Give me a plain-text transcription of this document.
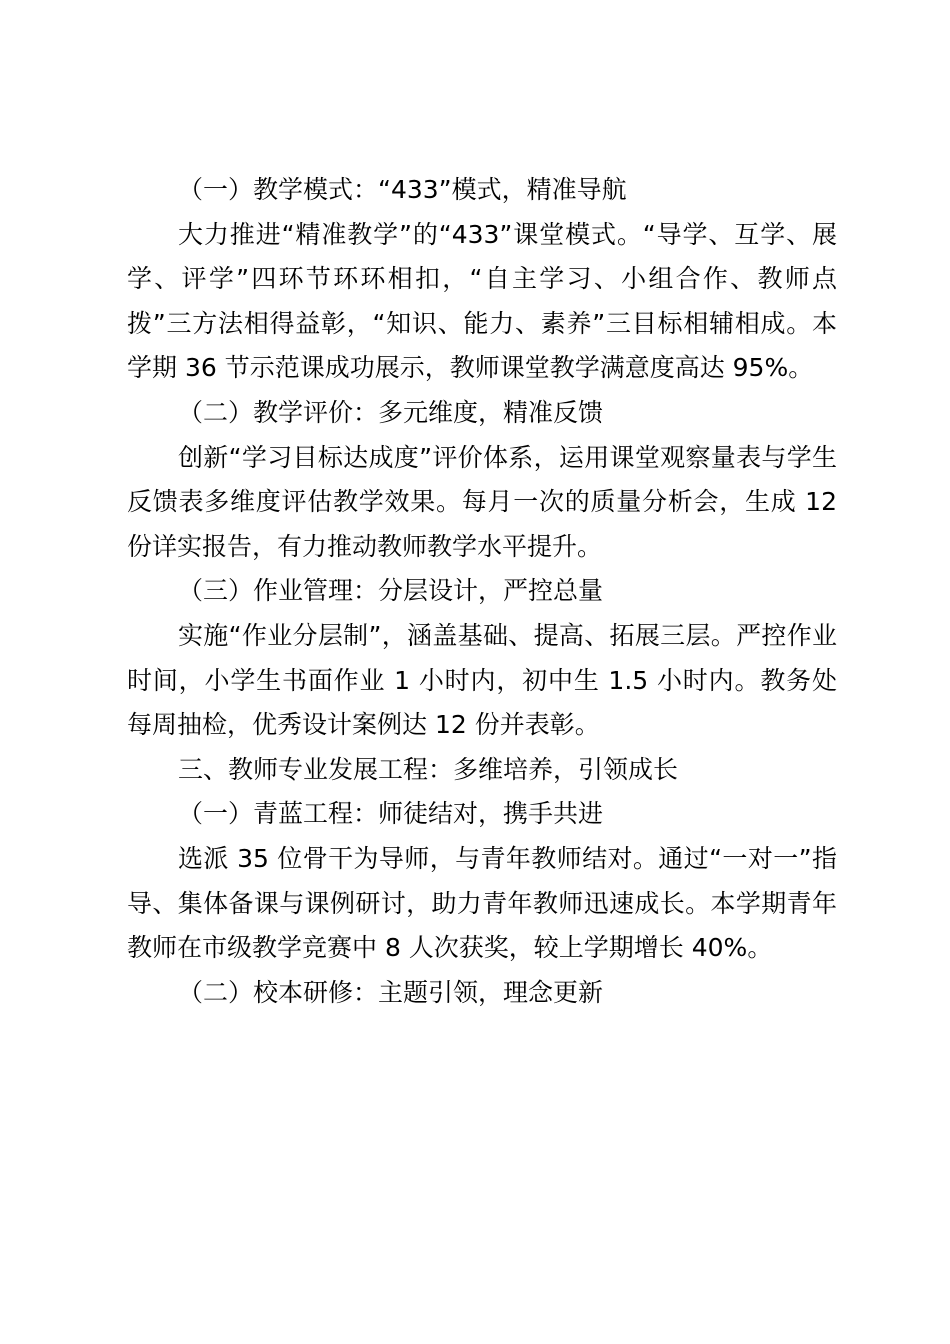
（一）教学模式：“433”模式，精准导航

大力推进“精准教学”的“433”课堂模式。“导学、互学、展学、评学”四环节环环相扣，“自主学习、小组合作、教师点拨”三方法相得益彰，“知识、能力、素养”三目标相辅相成。本学期 36 节示范课成功展示，教师课堂教学满意度高达 95%。

（二）教学评价：多元维度，精准反馈

创新“学习目标达成度”评价体系，运用课堂观察量表与学生反馈表多维度评估教学效果。每月一次的质量分析会，生成 12 份详实报告，有力推动教师教学水平提升。

（三）作业管理：分层设计，严控总量

实施“作业分层制”，涵盖基础、提高、拓展三层。严控作业时间，小学生书面作业 1 小时内，初中生 1.5 小时内。教务处每周抽检，优秀设计案例达 12 份并表彰。

三、教师专业发展工程：多维培养，引领成长

（一）青蓝工程：师徒结对，携手共进

选派 35 位骨干为导师，与青年教师结对。通过“一对一”指导、集体备课与课例研讨，助力青年教师迅速成长。本学期青年教师在市级教学竞赛中 8 人次获奖，较上学期增长 40%。

（二）校本研修：主题引领，理念更新
